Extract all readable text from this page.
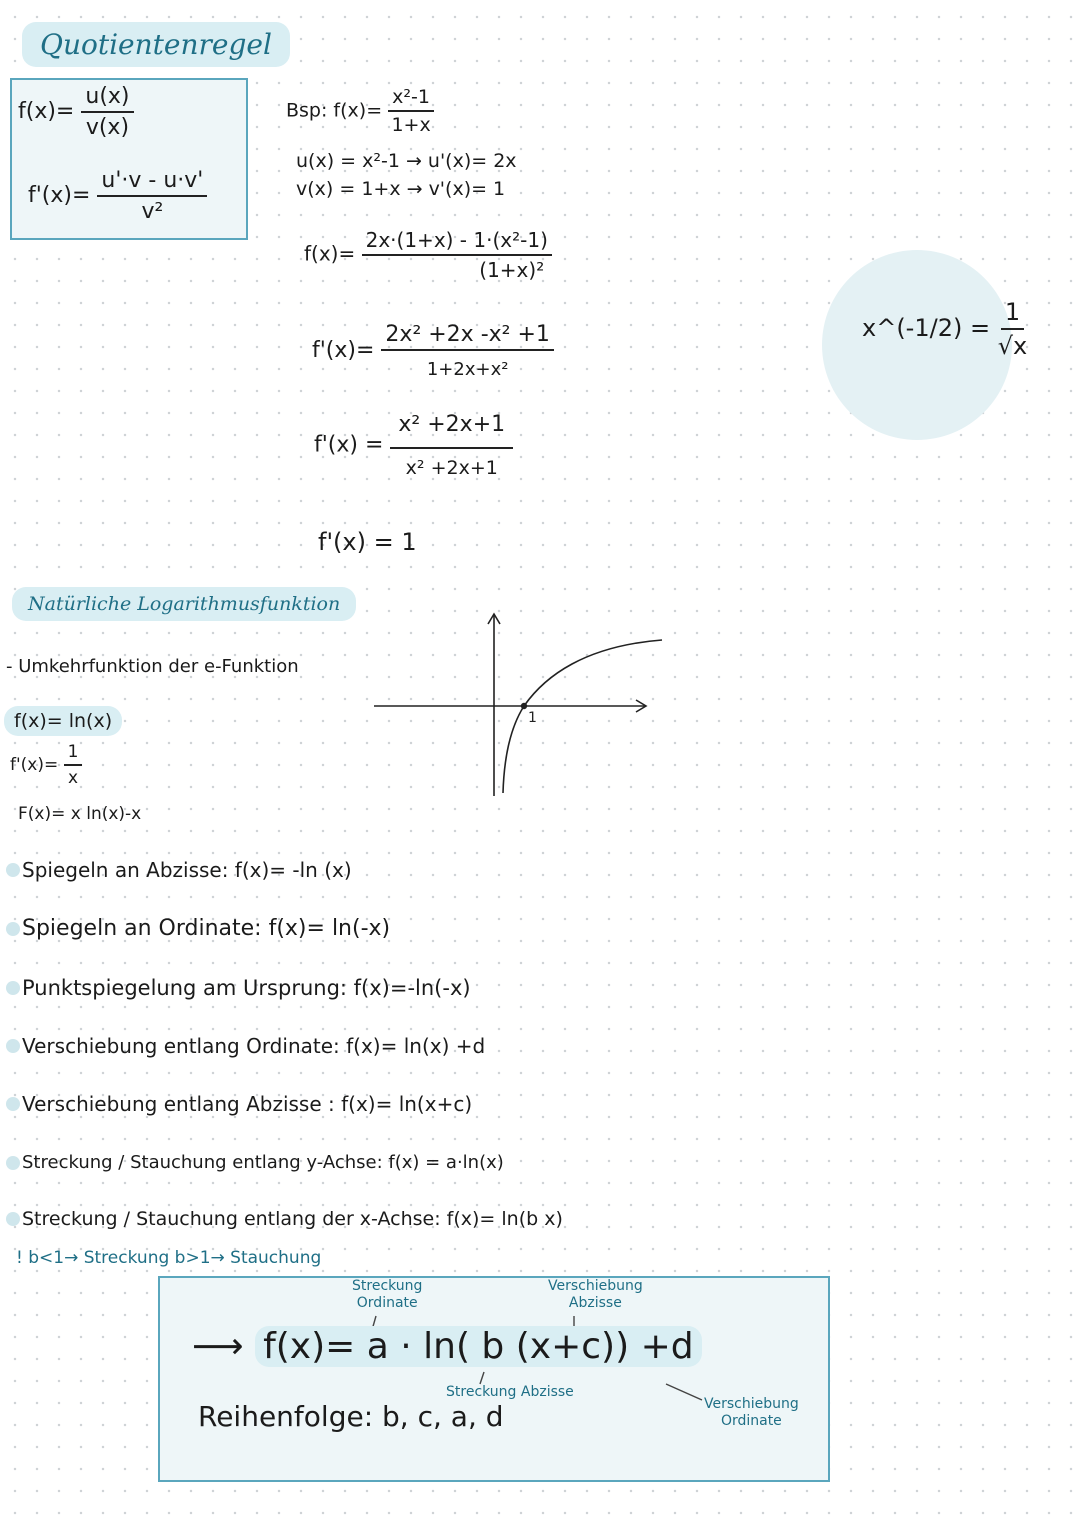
Quotientenregel
$f(x)= \frac{u(x)}{v(x)}$
$f'(x)= \frac{u'\cdot v - u\cdot v'}{\text{v²}}$
Bsp: $f(x)= \frac{\text{x²-1}}{1+x}$
u(x) = x²-1 → u'(x)= 2x
v(x) = 1+x → v'(x)= 1
$f(x)= \frac{\text{2x·(1+x) - 1·(x²-1)}}{\text{(1+x)²}}$
$f'(x)= \frac{\text{2x² +2x -x² +1}}{\text{1+2x+x²}}$
$f'(x) = \frac{\text{x² +2x+1}}{\text{x² +2x+1}}$
f'(x) = 1
x^(-1/2) = $\frac{1}{√x}$
Natürliche Logarithmusfunktion
- Umkehrfunktion der e-Funktion
f(x)= ln(x)
$f'(x)= \frac{1}{x}$
F(x)= x ln(x)-x
1
Spiegeln an Abzisse: f(x)= -ln (x)
Spiegeln an Ordinate: f(x)= ln(-x)
Punktspiegelung am Ursprung: f(x)=-ln(-x)
Verschiebung entlang Ordinate: f(x)= ln(x) +d
Verschiebung entlang Abzisse : f(x)= ln(x+c)
Streckung / Stauchung entlang y-Achse: f(x) = a·ln(x)
Streckung / Stauchung entlang der x-Achse: f(x)= ln(b x)
! b<1→ Streckung b>1→ Stauchung
Streckung
Ordinate
Verschiebung
Abzisse
⟶ f(x)= a · ln( b (x+c)) +d
Streckung Abzisse
Verschiebung
Ordinate
Reihenfolge: b, c, a, d
